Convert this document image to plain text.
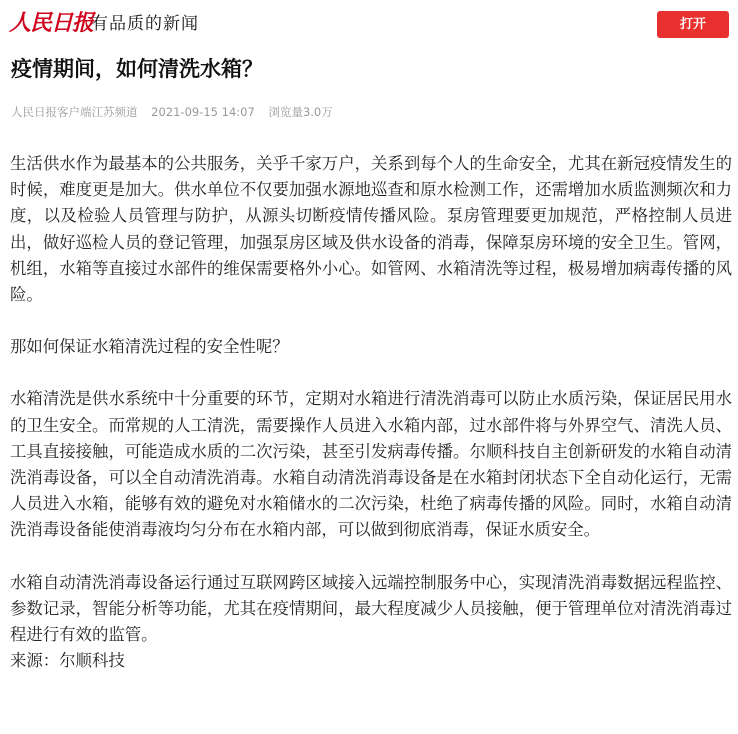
人民日报
有品质的新闻	打开
疫情期间，如何清洗水箱？
人民日报客户端江苏频道 2021-09-15 14:07 浏览量3.0万

生活供水作为最基本的公共服务，关乎千家万户，关系到每个人的生命安全，尤其在新冠疫情发生的时候，难度更是加大。供水单位不仅要加强水源地巡查和原水检测工作，还需增加水质监测频次和力度，以及检验人员管理与防护，从源头切断疫情传播风险。泵房管理要更加规范，严格控制人员进出，做好巡检人员的登记管理，加强泵房区域及供水设备的消毒，保障泵房环境的安全卫生。管网，机组，水箱等直接过水部件的维保需要格外小心。如管网、水箱清洗等过程，极易增加病毒传播的风险。

那如何保证水箱清洗过程的安全性呢？

水箱清洗是供水系统中十分重要的环节，定期对水箱进行清洗消毒可以防止水质污染，保证居民用水的卫生安全。而常规的人工清洗，需要操作人员进入水箱内部，过水部件将与外界空气、清洗人员、工具直接接触，可能造成水质的二次污染，甚至引发病毒传播。尔顺科技自主创新研发的水箱自动清洗消毒设备，可以全自动清洗消毒。水箱自动清洗消毒设备是在水箱封闭状态下全自动化运行，无需人员进入水箱，能够有效的避免对水箱储水的二次污染，杜绝了病毒传播的风险。同时，水箱自动清洗消毒设备能使消毒液均匀分布在水箱内部，可以做到彻底消毒，保证水质安全。

水箱自动清洗消毒设备运行通过互联网跨区域接入远端控制服务中心，实现清洗消毒数据远程监控、参数记录，智能分析等功能，尤其在疫情期间，最大程度减少人员接触，便于管理单位对清洗消毒过程进行有效的监管。

来源：尔顺科技
